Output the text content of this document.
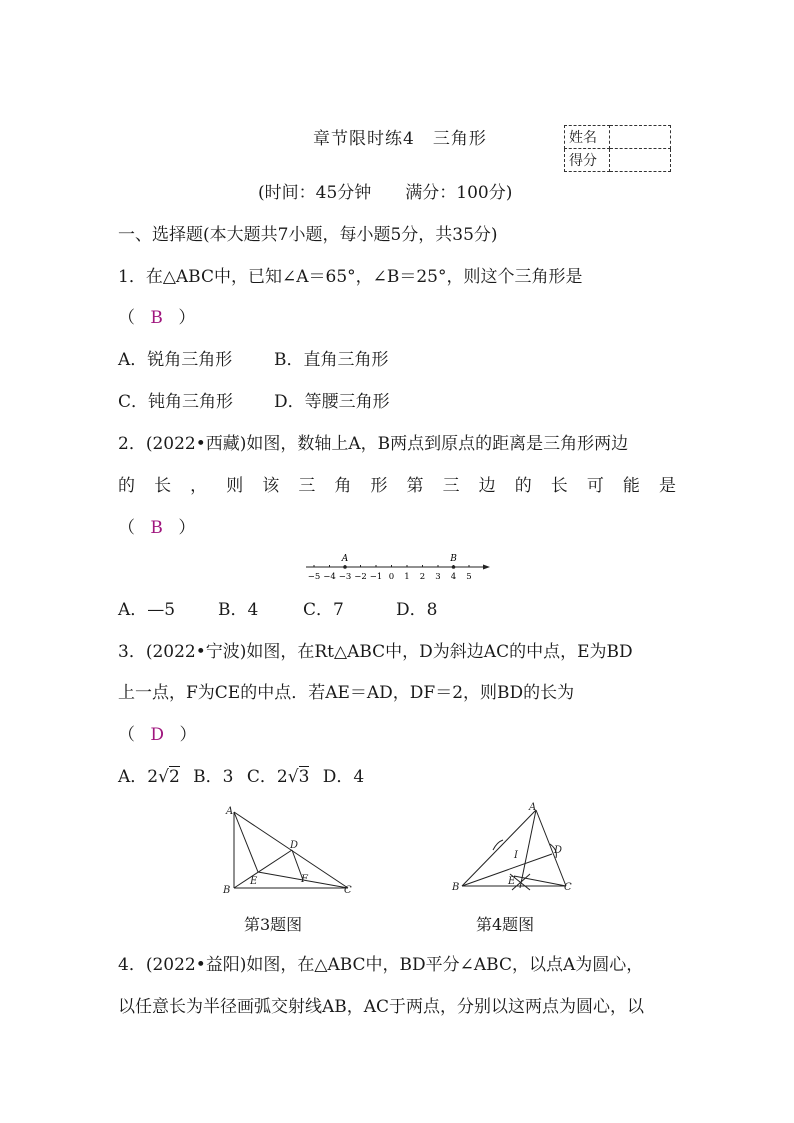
章节限时练4　三角形	姓名	
得分	
(时间：45分钟　　满分：100分)
一、选择题(本大题共7小题，每小题5分，共35分)
1．在△ABC中，已知∠A＝65°，∠B＝25°，则这个三角形是
（ B ）
A．锐角三角形 B．直角三角形
C．钝角三角形 D．等腰三角形
2．(2022•西藏)如图，数轴上A，B两点到原点的距离是三角形两边
的 长 ， 则 该 三 角 形 第 三 边 的 长 可 能 是
（ B ）
−5 −4 −3 −2 −1 0 1 2 3 4 5
A	B
A．—5	B．4	C．7	D．8
3．(2022•宁波)如图，在Rt△ABC中，D为斜边AC的中点，E为BD
上一点，F为CE的中点．若AE＝AD，DF＝2，则BD的长为
（ D ）
A．2√2 B．3 C．2√3 D．4
A
B	C
D
E	F
第3题图
A
B	C
D
E
I
第4题图
4．(2022•益阳)如图，在△ABC中，BD平分∠ABC，以点A为圆心，
以任意长为半径画弧交射线AB，AC于两点，分别以这两点为圆心，以
